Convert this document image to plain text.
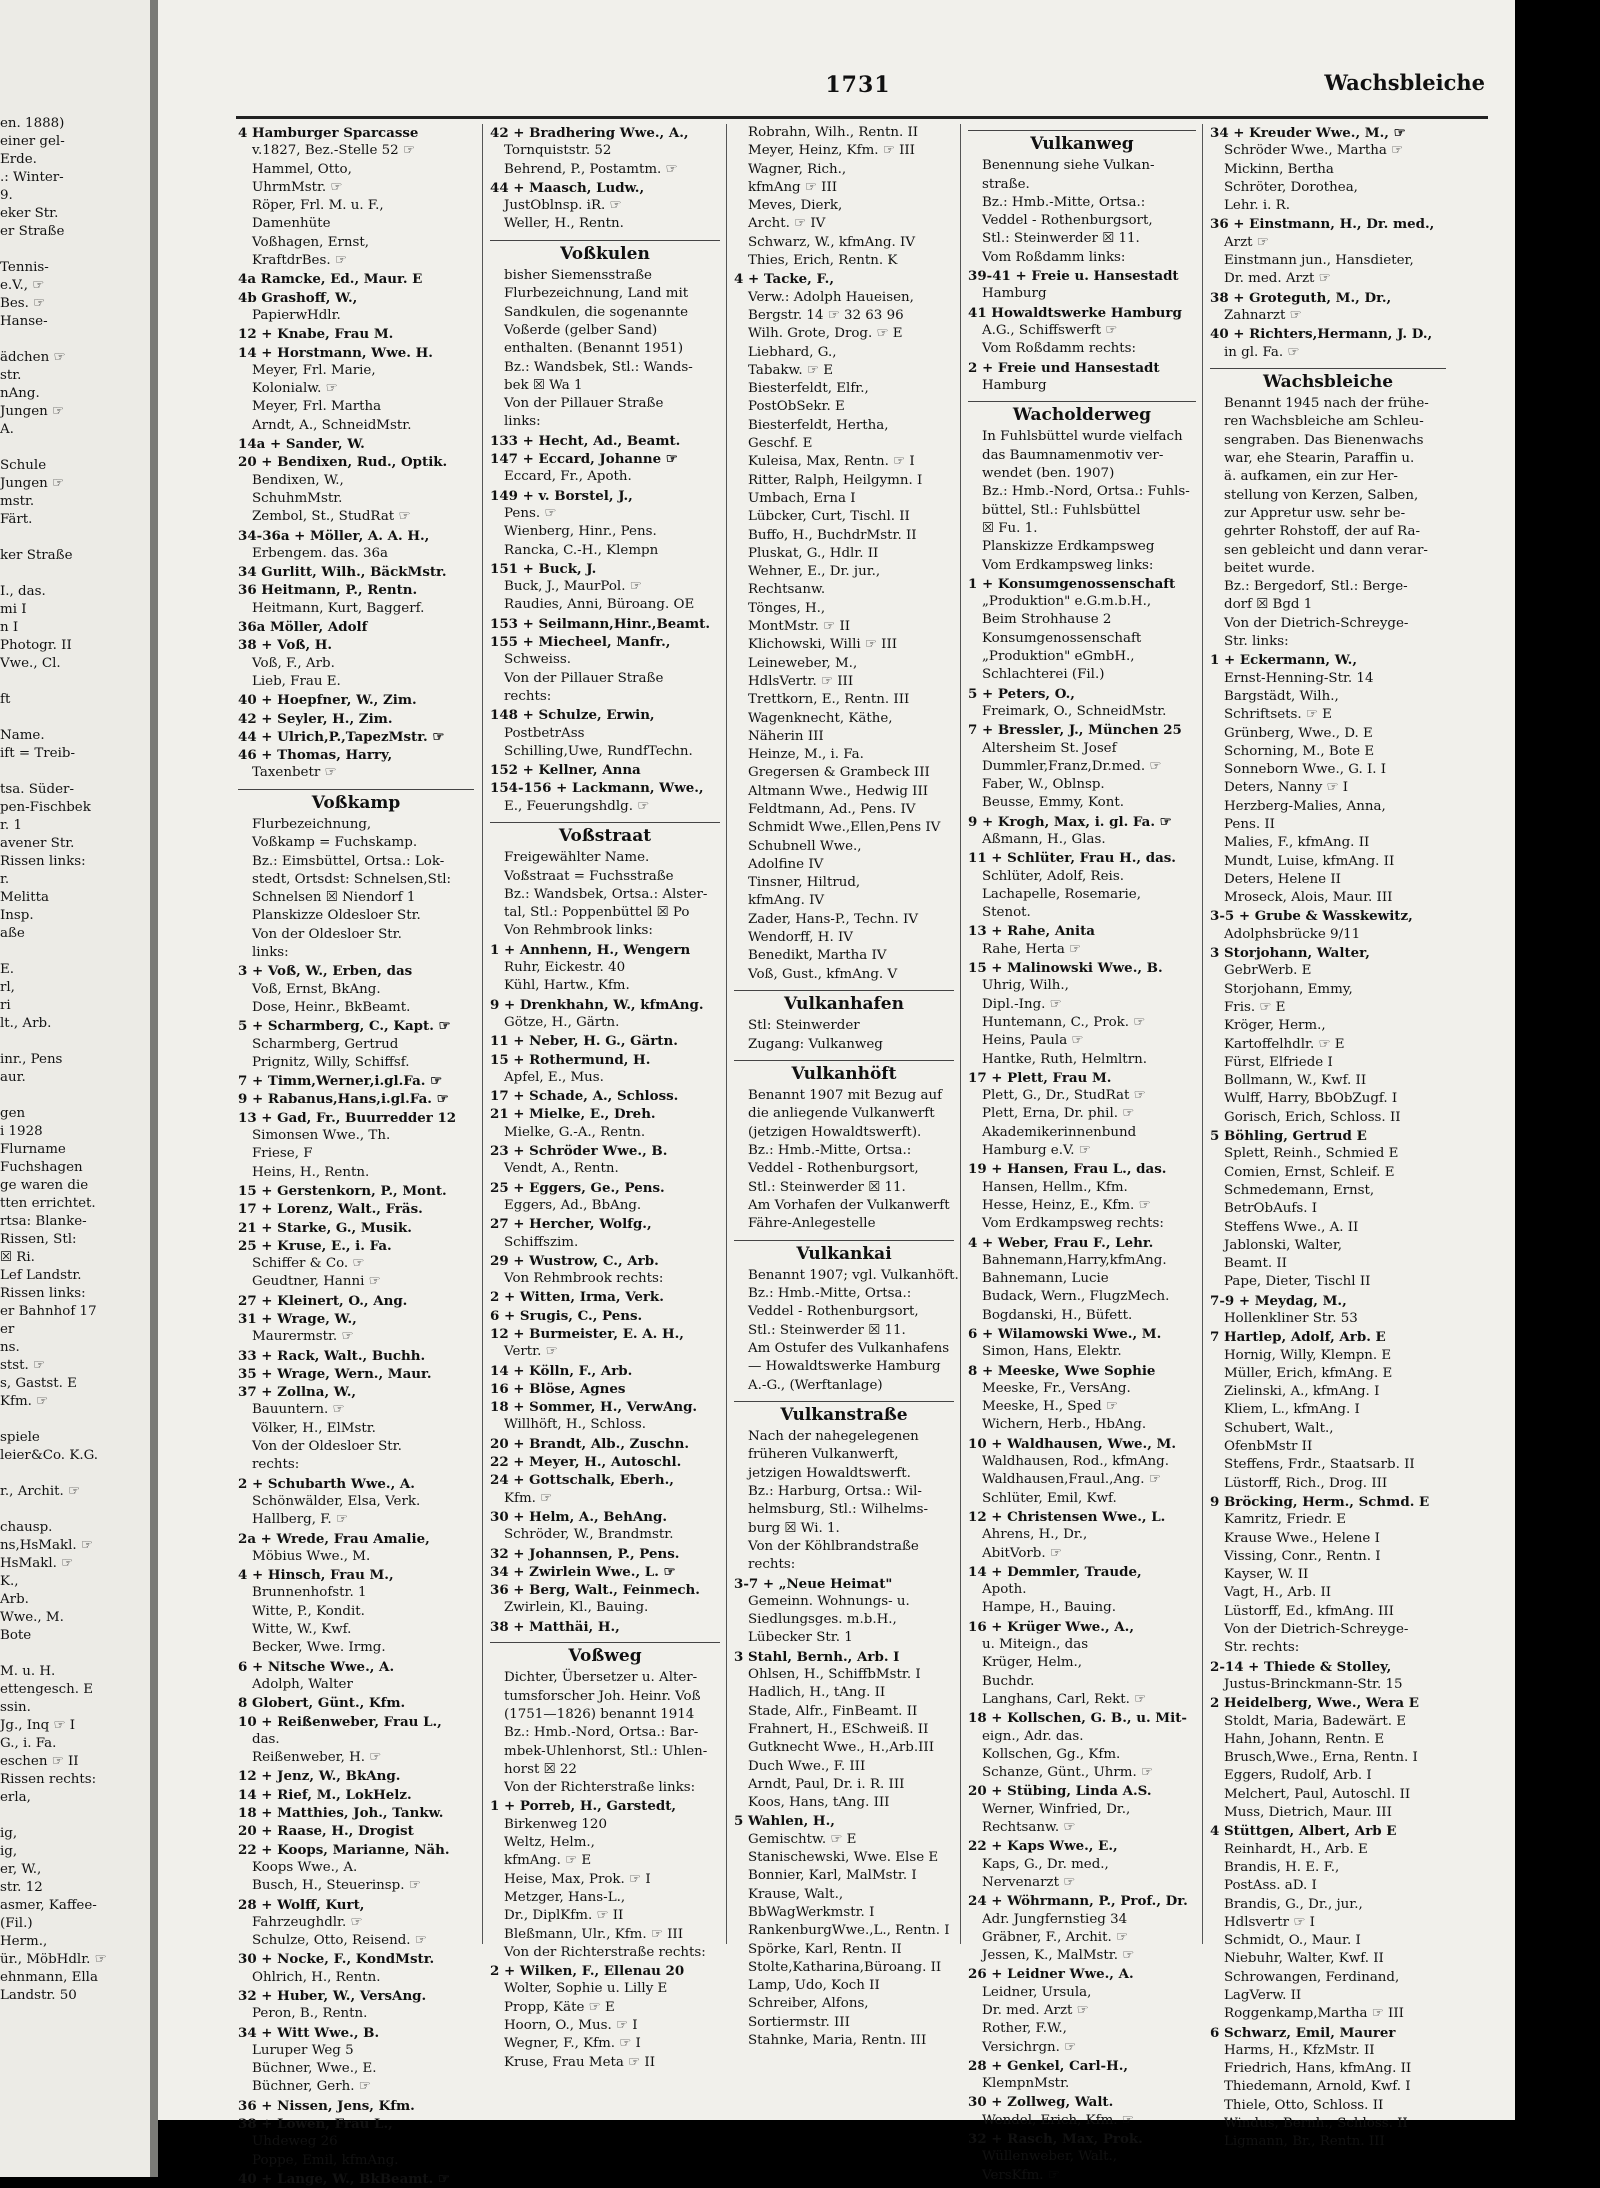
en. 1888)
einer gel-
Erde.
.: Winter-
9.
eker Str.
er Straße

Tennis-
e.V., ☞
Bes. ☞
Hanse-

ädchen ☞
str.
nAng.
Jungen ☞
A.

Schule
Jungen ☞
mstr.
Färt.

ker Straße

I., das.
mi I
n I
Photogr. II
Vwe., Cl.

ft

Name.
ift = Treib-

tsa. Süder-
pen-Fischbek
r. 1
avener Str.
Rissen links:
r.
Melitta
Insp.
aße

E.
rl,
ri
lt., Arb.

inr., Pens
aur.

gen
i 1928
Flurname
Fuchshagen
ge waren die
tten errichtet.
rtsa: Blanke-
Rissen, Stl:
☒ Ri.
Lef Landstr.
Rissen links:
er Bahnhof 17
er
ns.
stst. ☞
s, Gastst. E
Kfm. ☞

spiele
leier&Co. K.G.

r., Archit. ☞

chausp.
ns,HsMakl. ☞
HsMakl. ☞
K.,
Arb.
Wwe., M.
Bote

M. u. H.
ettengesch. E
ssin.
Jg., Inq ☞ I
G., i. Fa.
eschen ☞ II
Rissen rechts:
erla,

ig,
ig,
er, W.,
str. 12
asmer, Kaffee-
(Fil.)
Herm.,
ür., MöbHdlr. ☞
ehnmann, Ella
Landstr. 50
1731	Wachsbleiche
4 Hamburger Sparcasse
v.1827, Bez.-Stelle 52 ☞
Hammel, Otto,
UhrmMstr. ☞
Röper, Frl. M. u. F.,
Damenhüte
Voßhagen, Ernst,
KraftdrBes. ☞
4a Ramcke, Ed., Maur. E
4b Grashoff, W.,
PapierwHdlr.
12 + Knabe, Frau M.
14 + Horstmann, Wwe. H.
Meyer, Frl. Marie,
Kolonialw. ☞
Meyer, Frl. Martha
Arndt, A., SchneidMstr.
14a + Sander, W.
20 + Bendixen, Rud., Optik.
Bendixen, W.,
SchuhmMstr.
Zembol, St., StudRat ☞
34-36a + Möller, A. A. H.,
Erbengem. das. 36a
34 Gurlitt, Wilh., BäckMstr.
36 Heitmann, P., Rentn.
Heitmann, Kurt, Baggerf.
36a Möller, Adolf
38 + Voß, H.
Voß, F., Arb.
Lieb, Frau E.
40 + Hoepfner, W., Zim.
42 + Seyler, H., Zim.
44 + Ulrich,P.,TapezMstr. ☞
46 + Thomas, Harry,
Taxenbetr ☞
Voßkamp
Flurbezeichnung,
Voßkamp = Fuchskamp.
Bz.: Eimsbüttel, Ortsa.: Lok-
stedt, Ortsdst: Schnelsen,Stl:
Schnelsen ☒ Niendorf 1
Planskizze Oldesloer Str.
Von der Oldesloer Str.
links:
3 + Voß, W., Erben, das
Voß, Ernst, BkAng.
Dose, Heinr., BkBeamt.
5 + Scharmberg, C., Kapt. ☞
Scharmberg, Gertrud
Prignitz, Willy, Schiffsf.
7 + Timm,Werner,i.gl.Fa. ☞
9 + Rabanus,Hans,i.gl.Fa. ☞
13 + Gad, Fr., Buurredder 12
Simonsen Wwe., Th.
Friese, F
Heins, H., Rentn.
15 + Gerstenkorn, P., Mont.
17 + Lorenz, Walt., Fräs.
21 + Starke, G., Musik.
25 + Kruse, E., i. Fa.
Schiffer & Co. ☞
Geudtner, Hanni ☞
27 + Kleinert, O., Ang.
31 + Wrage, W.,
Maurermstr. ☞
33 + Rack, Walt., Buchh.
35 + Wrage, Wern., Maur.
37 + Zollna, W.,
Bauuntern. ☞
Völker, H., ElMstr.
Von der Oldesloer Str.
rechts:
2 + Schubarth Wwe., A.
Schönwälder, Elsa, Verk.
Hallberg, F. ☞
2a + Wrede, Frau Amalie,
Möbius Wwe., M.
4 + Hinsch, Frau M.,
Brunnenhofstr. 1
Witte, P., Kondit.
Witte, W., Kwf.
Becker, Wwe. Irmg.
6 + Nitsche Wwe., A.
Adolph, Walter
8 Globert, Günt., Kfm.
10 + Reißenweber, Frau L.,
das.
Reißenweber, H. ☞
12 + Jenz, W., BkAng.
14 + Rief, M., LokHelz.
18 + Matthies, Joh., Tankw.
20 + Raase, H., Drogist
22 + Koops, Marianne, Näh.
Koops Wwe., A.
Busch, H., Steuerinsp. ☞
28 + Wolff, Kurt,
Fahrzeughdlr. ☞
Schulze, Otto, Reisend. ☞
30 + Nocke, F., KondMstr.
Ohlrich, H., Rentn.
32 + Huber, W., VersAng.
Peron, B., Rentn.
34 + Witt Wwe., B.
Luruper Weg 5
Büchner, Wwe., E.
Büchner, Gerh. ☞
36 + Nissen, Jens, Kfm.
38 + Lowen, Frau L.,
Uhdeweg 26
Poppe, Emil, kfmAng.
40 + Lange, W., BkBeamt. ☞
42 + Bradhering Wwe., A.,
Tornquiststr. 52
Behrend, P., Postamtm. ☞
44 + Maasch, Ludw.,
JustOblnsp. iR. ☞
Weller, H., Rentn.
Voßkulen
bisher Siemensstraße
Flurbezeichnung, Land mit
Sandkulen, die sogenannte
Voßerde (gelber Sand)
enthalten. (Benannt 1951)
Bz.: Wandsbek, Stl.: Wands-
bek ☒ Wa 1
Von der Pillauer Straße
links:
133 + Hecht, Ad., Beamt.
147 + Eccard, Johanne ☞
Eccard, Fr., Apoth.
149 + v. Borstel, J.,
Pens. ☞
Wienberg, Hinr., Pens.
Rancka, C.-H., Klempn
151 + Buck, J.
Buck, J., MaurPol. ☞
Raudies, Anni, Büroang. OE
153 + Seilmann,Hinr.,Beamt.
155 + Miecheel, Manfr.,
Schweiss.
Von der Pillauer Straße
rechts:
148 + Schulze, Erwin,
PostbetrAss
Schilling,Uwe, RundfTechn.
152 + Kellner, Anna
154-156 + Lackmann, Wwe.,
E., Feuerungshdlg. ☞
Voßstraat
Freigewählter Name.
Voßstraat = Fuchsstraße
Bz.: Wandsbek, Ortsa.: Alster-
tal, Stl.: Poppenbüttel ☒ Po
Von Rehmbrook links:
1 + Annhenn, H., Wengern
Ruhr, Eickestr. 40
Kühl, Hartw., Kfm.
9 + Drenkhahn, W., kfmAng.
Götze, H., Gärtn.
11 + Neber, H. G., Gärtn.
15 + Rothermund, H.
Apfel, E., Mus.
17 + Schade, A., Schloss.
21 + Mielke, E., Dreh.
Mielke, G.-A., Rentn.
23 + Schröder Wwe., B.
Vendt, A., Rentn.
25 + Eggers, Ge., Pens.
Eggers, Ad., BbAng.
27 + Hercher, Wolfg.,
Schiffszim.
29 + Wustrow, C., Arb.
Von Rehmbrook rechts:
2 + Witten, Irma, Verk.
6 + Srugis, C., Pens.
12 + Burmeister, E. A. H.,
Vertr. ☞
14 + Kölln, F., Arb.
16 + Blöse, Agnes
18 + Sommer, H., VerwAng.
Willhöft, H., Schloss.
20 + Brandt, Alb., Zuschn.
22 + Meyer, H., Autoschl.
24 + Gottschalk, Eberh.,
Kfm. ☞
30 + Helm, A., BehAng.
Schröder, W., Brandmstr.
32 + Johannsen, P., Pens.
34 + Zwirlein Wwe., L. ☞
36 + Berg, Walt., Feinmech.
Zwirlein, Kl., Bauing.
38 + Matthäi, H.,
Voßweg
Dichter, Übersetzer u. Alter-
tumsforscher Joh. Heinr. Voß
(1751—1826) benannt 1914
Bz.: Hmb.-Nord, Ortsa.: Bar-
mbek-Uhlenhorst, Stl.: Uhlen-
horst ☒ 22
Von der Richterstraße links:
1 + Porreb, H., Garstedt,
Birkenweg 120
Weltz, Helm.,
kfmAng. ☞ E
Heise, Max, Prok. ☞ I
Metzger, Hans-L.,
Dr., DiplKfm. ☞ II
Bleßmann, Ulr., Kfm. ☞ III
Von der Richterstraße rechts:
2 + Wilken, F., Ellenau 20
Wolter, Sophie u. Lilly E
Propp, Käte ☞ E
Hoorn, O., Mus. ☞ I
Wegner, F., Kfm. ☞ I
Kruse, Frau Meta ☞ II
Robrahn, Wilh., Rentn. II
Meyer, Heinz, Kfm. ☞ III
Wagner, Rich.,
kfmAng ☞ III
Meves, Dierk,
Archt. ☞ IV
Schwarz, W., kfmAng. IV
Thies, Erich, Rentn. K
4 + Tacke, F.,
Verw.: Adolph Haueisen,
Bergstr. 14 ☞ 32 63 96
Wilh. Grote, Drog. ☞ E
Liebhard, G.,
Tabakw. ☞ E
Biesterfeldt, Elfr.,
PostObSekr. E
Biesterfeldt, Hertha,
Geschf. E
Kuleisa, Max, Rentn. ☞ I
Ritter, Ralph, Heilgymn. I
Umbach, Erna I
Lübcker, Curt, Tischl. II
Buffo, H., BuchdrMstr. II
Pluskat, G., Hdlr. II
Wehner, E., Dr. jur.,
Rechtsanw.
Tönges, H.,
MontMstr. ☞ II
Klichowski, Willi ☞ III
Leineweber, M.,
HdlsVertr. ☞ III
Trettkorn, E., Rentn. III
Wagenknecht, Käthe,
Näherin III
Heinze, M., i. Fa.
Gregersen & Grambeck III
Altmann Wwe., Hedwig III
Feldtmann, Ad., Pens. IV
Schmidt Wwe.,Ellen,Pens IV
Schubnell Wwe.,
Adolfine IV
Tinsner, Hiltrud,
kfmAng. IV
Zader, Hans-P., Techn. IV
Wendorff, H. IV
Benedikt, Martha IV
Voß, Gust., kfmAng. V
Vulkanhafen
Stl: Steinwerder
Zugang: Vulkanweg
Vulkanhöft
Benannt 1907 mit Bezug auf
die anliegende Vulkanwerft
(jetzigen Howaldtswerft).
Bz.: Hmb.-Mitte, Ortsa.:
Veddel - Rothenburgsort,
Stl.: Steinwerder ☒ 11.
Am Vorhafen der Vulkanwerft
Fähre-Anlegestelle
Vulkankai
Benannt 1907; vgl. Vulkanhöft.
Bz.: Hmb.-Mitte, Ortsa.:
Veddel - Rothenburgsort,
Stl.: Steinwerder ☒ 11.
Am Ostufer des Vulkanhafens
— Howaldtswerke Hamburg
A.-G., (Werftanlage)
Vulkanstraße
Nach der nahegelegenen
früheren Vulkanwerft,
jetzigen Howaldtswerft.
Bz.: Harburg, Ortsa.: Wil-
helmsburg, Stl.: Wilhelms-
burg ☒ Wi. 1.
Von der Köhlbrandstraße
rechts:
3-7 + „Neue Heimat"
Gemeinn. Wohnungs- u.
Siedlungsges. m.b.H.,
Lübecker Str. 1
3 Stahl, Bernh., Arb. I
Ohlsen, H., SchiffbMstr. I
Hadlich, H., tAng. II
Stade, Alfr., FinBeamt. II
Frahnert, H., ESchweiß. II
Gutknecht Wwe., H.,Arb.III
Duch Wwe., F. III
Arndt, Paul, Dr. i. R. III
Koos, Hans, tAng. III
5 Wahlen, H.,
Gemischtw. ☞ E
Stanischewski, Wwe. Else E
Bonnier, Karl, MalMstr. I
Krause, Walt.,
BbWagWerkmstr. I
RankenburgWwe.,L., Rentn. I
Spörke, Karl, Rentn. II
Stolte,Katharina,Büroang. II
Lamp, Udo, Koch II
Schreiber, Alfons,
Sortiermstr. III
Stahnke, Maria, Rentn. III
Vulkanweg
Benennung siehe Vulkan-
straße.
Bz.: Hmb.-Mitte, Ortsa.:
Veddel - Rothenburgsort,
Stl.: Steinwerder ☒ 11.
Vom Roßdamm links:
39-41 + Freie u. Hansestadt
Hamburg
41 Howaldtswerke Hamburg
A.G., Schiffswerft ☞
Vom Roßdamm rechts:
2 + Freie und Hansestadt
Hamburg
Wacholderweg
In Fuhlsbüttel wurde vielfach
das Baumnamenmotiv ver-
wendet (ben. 1907)
Bz.: Hmb.-Nord, Ortsa.: Fuhls-
büttel, Stl.: Fuhlsbüttel
☒ Fu. 1.
Planskizze Erdkampsweg
Vom Erdkampsweg links:
1 + Konsumgenossenschaft
„Produktion" e.G.m.b.H.,
Beim Strohhause 2
Konsumgenossenschaft
„Produktion" eGmbH.,
Schlachterei (Fil.)
5 + Peters, O.,
Freimark, O., SchneidMstr.
7 + Bressler, J., München 25
Altersheim St. Josef
Dummler,Franz,Dr.med. ☞
Faber, W., Oblnsp.
Beusse, Emmy, Kont.
9 + Krogh, Max, i. gl. Fa. ☞
Aßmann, H., Glas.
11 + Schlüter, Frau H., das.
Schlüter, Adolf, Reis.
Lachapelle, Rosemarie,
Stenot.
13 + Rahe, Anita
Rahe, Herta ☞
15 + Malinowski Wwe., B.
Uhrig, Wilh.,
Dipl.-Ing. ☞
Huntemann, C., Prok. ☞
Heins, Paula ☞
Hantke, Ruth, Helmltrn.
17 + Plett, Frau M.
Plett, G., Dr., StudRat ☞
Plett, Erna, Dr. phil. ☞
Akademikerinnenbund
Hamburg e.V. ☞
19 + Hansen, Frau L., das.
Hansen, Hellm., Kfm.
Hesse, Heinz, E., Kfm. ☞
Vom Erdkampsweg rechts:
4 + Weber, Frau F., Lehr.
Bahnemann,Harry,kfmAng.
Bahnemann, Lucie
Budack, Wern., FlugzMech.
Bogdanski, H., Büfett.
6 + Wilamowski Wwe., M.
Simon, Hans, Elektr.
8 + Meeske, Wwe Sophie
Meeske, Fr., VersAng.
Meeske, H., Sped ☞
Wichern, Herb., HbAng.
10 + Waldhausen, Wwe., M.
Waldhausen, Rod., kfmAng.
Waldhausen,Fraul.,Ang. ☞
Schlüter, Emil, Kwf.
12 + Christensen Wwe., L.
Ahrens, H., Dr.,
AbitVorb. ☞
14 + Demmler, Traude,
Apoth.
Hampe, H., Bauing.
16 + Krüger Wwe., A.,
u. Miteign., das
Krüger, Helm.,
Buchdr.
Langhans, Carl, Rekt. ☞
18 + Kollschen, G. B., u. Mit-
eign., Adr. das.
Kollschen, Gg., Kfm.
Schanze, Günt., Uhrm. ☞
20 + Stübing, Linda A.S.
Werner, Winfried, Dr.,
Rechtsanw. ☞
22 + Kaps Wwe., E.,
Kaps, G., Dr. med.,
Nervenarzt ☞
24 + Wöhrmann, P., Prof., Dr.
Adr. Jungfernstieg 34
Gräbner, F., Archit. ☞
Jessen, K., MalMstr. ☞
26 + Leidner Wwe., A.
Leidner, Ursula,
Dr. med. Arzt ☞
Rother, F.W.,
Versichrgn. ☞
28 + Genkel, Carl-H.,
KlempnMstr.
30 + Zollweg, Walt.
Wendel, Erich, Kfm. ☞
32 + Rasch, Max, Prok.
Wüllenweber, Walt.,
VersKfm. ☞
34 + Kreuder Wwe., M., ☞
Schröder Wwe., Martha ☞
Mickinn, Bertha
Schröter, Dorothea,
Lehr. i. R.
36 + Einstmann, H., Dr. med.,
Arzt ☞
Einstmann jun., Hansdieter,
Dr. med. Arzt ☞
38 + Groteguth, M., Dr.,
Zahnarzt ☞
40 + Richters,Hermann, J. D.,
in gl. Fa. ☞
Wachsbleiche
Benannt 1945 nach der frühe-
ren Wachsbleiche am Schleu-
sengraben. Das Bienenwachs
war, ehe Stearin, Paraffin u.
ä. aufkamen, ein zur Her-
stellung von Kerzen, Salben,
zur Appretur usw. sehr be-
gehrter Rohstoff, der auf Ra-
sen gebleicht und dann verar-
beitet wurde.
Bz.: Bergedorf, Stl.: Berge-
dorf ☒ Bgd 1
Von der Dietrich-Schreyge-
Str. links:
1 + Eckermann, W.,
Ernst-Henning-Str. 14
Bargstädt, Wilh.,
Schriftsets. ☞ E
Grünberg, Wwe., D. E
Schorning, M., Bote E
Sonneborn Wwe., G. I. I
Deters, Nanny ☞ I
Herzberg-Malies, Anna,
Pens. II
Malies, F., kfmAng. II
Mundt, Luise, kfmAng. II
Deters, Helene II
Mroseck, Alois, Maur. III
3-5 + Grube & Wasskewitz,
Adolphsbrücke 9/11
3 Storjohann, Walter,
GebrWerb. E
Storjohann, Emmy,
Fris. ☞ E
Kröger, Herm.,
Kartoffelhdlr. ☞ E
Fürst, Elfriede I
Bollmann, W., Kwf. II
Wulff, Harry, BbObZugf. I
Gorisch, Erich, Schloss. II
5 Böhling, Gertrud E
Splett, Reinh., Schmied E
Comien, Ernst, Schleif. E
Schmedemann, Ernst,
BetrObAufs. I
Steffens Wwe., A. II
Jablonski, Walter,
Beamt. II
Pape, Dieter, Tischl II
7-9 + Meydag, M.,
Hollenkliner Str. 53
7 Hartlep, Adolf, Arb. E
Hornig, Willy, Klempn. E
Müller, Erich, kfmAng. E
Zielinski, A., kfmAng. I
Kliem, L., kfmAng. I
Schubert, Walt.,
OfenbMstr II
Steffens, Frdr., Staatsarb. II
Lüstorff, Rich., Drog. III
9 Bröcking, Herm., Schmd. E
Kamritz, Friedr. E
Krause Wwe., Helene I
Vissing, Conr., Rentn. I
Kayser, W. II
Vagt, H., Arb. II
Lüstorff, Ed., kfmAng. III
Von der Dietrich-Schreyge-
Str. rechts:
2-14 + Thiede & Stolley,
Justus-Brinckmann-Str. 15
2 Heidelberg, Wwe., Wera E
Stoldt, Maria, Badewärt. E
Hahn, Johann, Rentn. E
Brusch,Wwe., Erna, Rentn. I
Eggers, Rudolf, Arb. I
Melchert, Paul, Autoschl. II
Muss, Dietrich, Maur. III
4 Stüttgen, Albert, Arb E
Reinhardt, H., Arb. E
Brandis, H. E. F.,
PostAss. aD. I
Brandis, G., Dr., jur.,
Hdlsvertr ☞ I
Schmidt, O., Maur. I
Niebuhr, Walter, Kwf. II
Schrowangen, Ferdinand,
LagVerw. II
Roggenkamp,Martha ☞ III
6 Schwarz, Emil, Maurer
Harms, H., KfzMstr. II
Friedrich, Hans, kfmAng. II
Thiedemann, Arnold, Kwf. I
Thiele, Otto, Schloss. II
Windus, Bernh., Schloss. II
Ligmann, Br., Rentn. III
